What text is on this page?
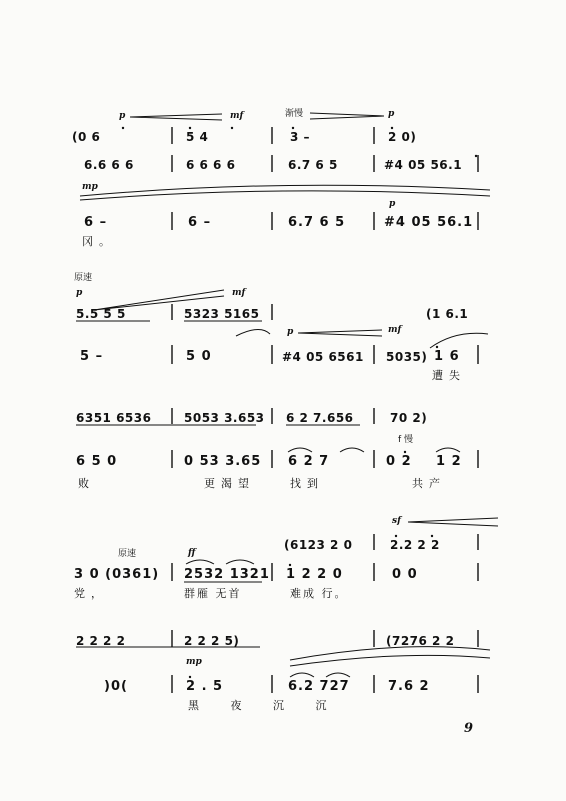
p	mf	渐慢	p
(0 6	5 4	3 –	2 0)
6.6 6 6	6 6 6 6	6.7 6 5	#4 05 56.1
mp
p
6 –	6 –	6.7 6 5	#4 05 56.1
冈。
原速
p	mf
5.5 5 5	5323 5165	(1 6.1
p	mf
5 –	5 0	#4 05 6561 5035) 1 6
遭失
6351 6536	5053 3.653 6 2 7.656	70 2)
f 慢
6 5 0	0 53 3.65 6 2 7	0 2 1 2
败	更渴望	找到	共产
sf
(6123 2 0	2.2 2 2
原速	ff
3 0 (0361) 2532 1321 1 2 2 0	0 0
党，	群雁 无首	难成 行。
2 2 2 2	2 2 2 5)	(7276 2 2
mp
)0(	2 . 5	6.2 727	7.6 2
黑 夜 沉 沉
9
